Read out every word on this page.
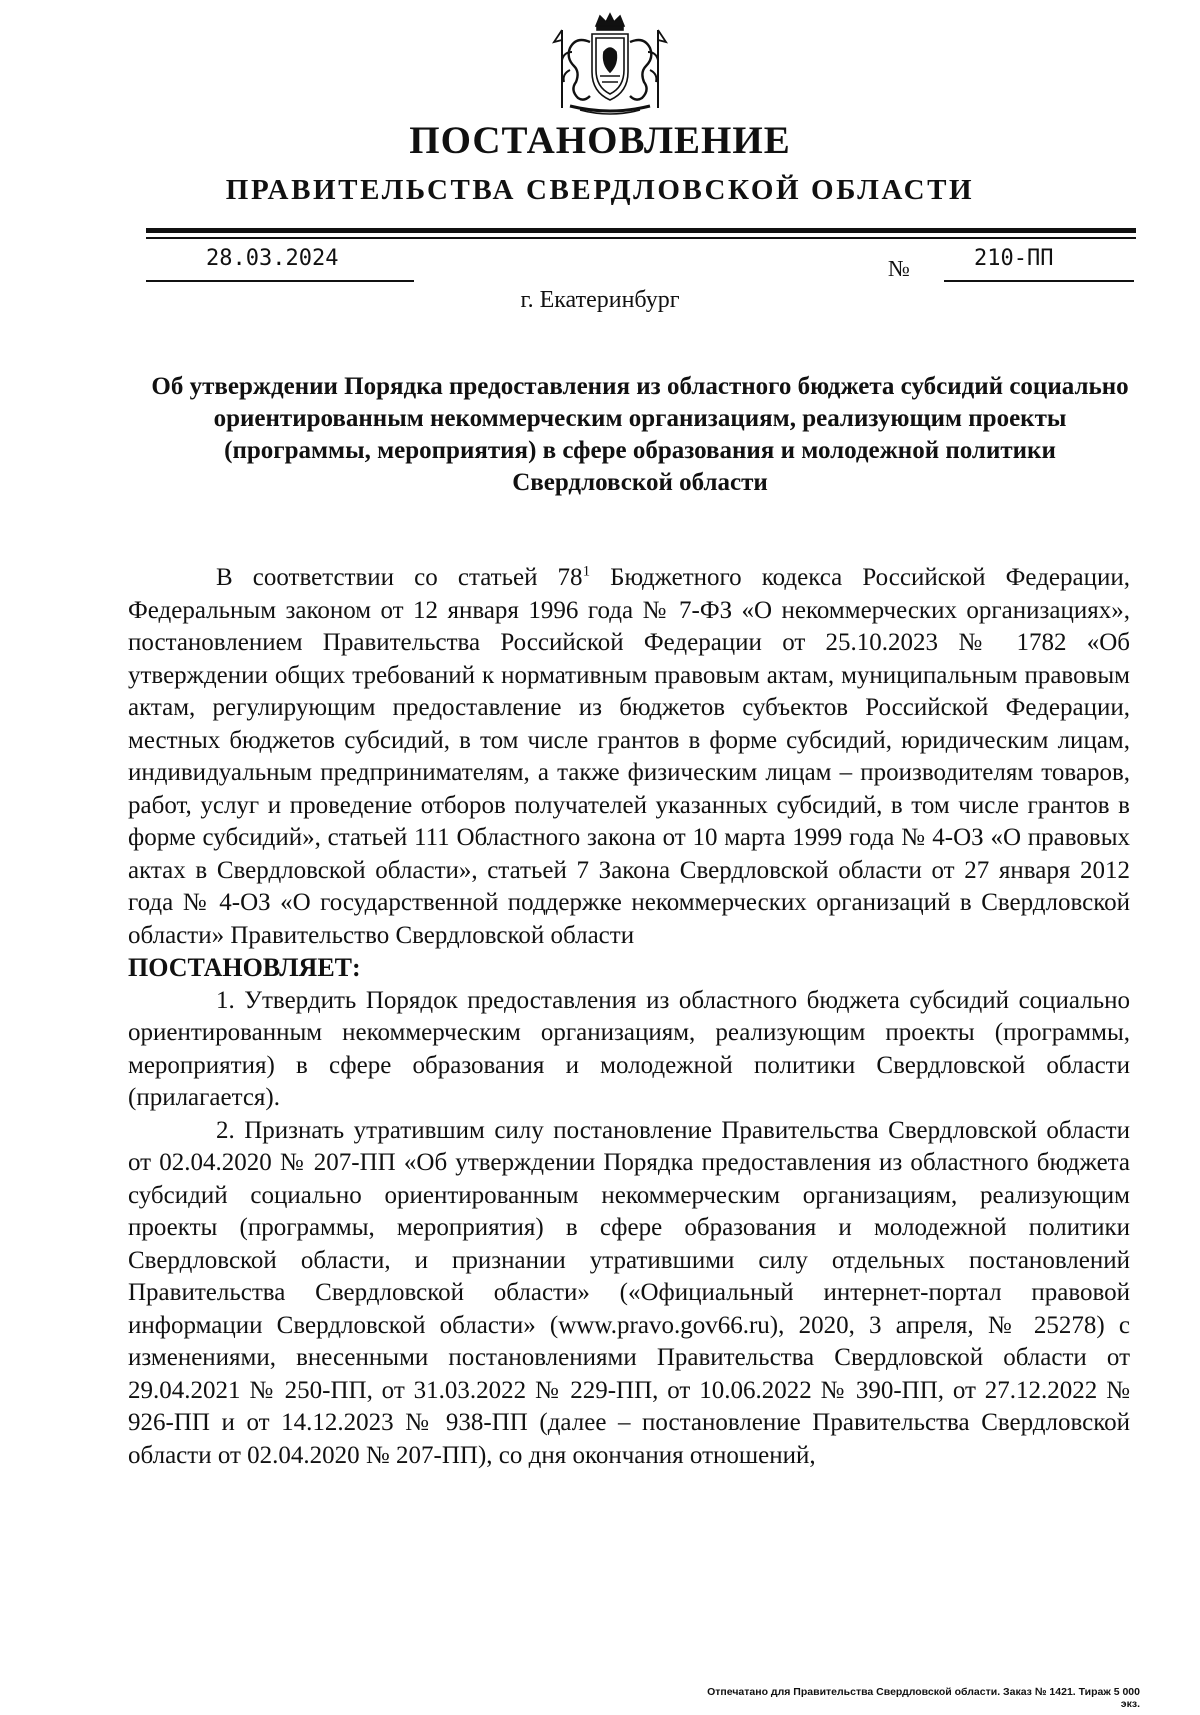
ПОСТАНОВЛЕНИЕ
ПРАВИТЕЛЬСТВА СВЕРДЛОВСКОЙ ОБЛАСТИ
28.03.2024	№	210-ПП
г. Екатеринбург
Об утверждении Порядка предоставления из областного бюджета субсидий социально ориентированным некоммерческим организациям, реализующим проекты (программы, мероприятия) в сфере образования и молодежной политики Свердловской области

В соответствии со статьей $78^1$ Бюджетного кодекса Российской Федерации, Федеральным законом от 12 января 1996 года № 7-ФЗ «О некоммерческих организациях», постановлением Правительства Российской Федерации от 25.10.2023 № 1782 «Об утверждении общих требований к нормативным правовым актам, муниципальным правовым актам, регулирующим предоставление из бюджетов субъектов Российской Федерации, местных бюджетов субсидий, в том числе грантов в форме субсидий, юридическим лицам, индивидуальным предпринимателям, а также физическим лицам – производителям товаров, работ, услуг и проведение отборов получателей указанных субсидий, в том числе грантов в форме субсидий», статьей 111 Областного закона от 10 марта 1999 года № 4-ОЗ «О правовых актах в Свердловской области», статьей 7 Закона Свердловской области от 27 января 2012 года № 4-ОЗ «О государственной поддержке некоммерческих организаций в Свердловской области» Правительство Свердловской области

ПОСТАНОВЛЯЕТ:

1. Утвердить Порядок предоставления из областного бюджета субсидий социально ориентированным некоммерческим организациям, реализующим проекты (программы, мероприятия) в сфере образования и молодежной политики Свердловской области (прилагается).

2. Признать утратившим силу постановление Правительства Свердловской области от 02.04.2020 № 207-ПП «Об утверждении Порядка предоставления из областного бюджета субсидий социально ориентированным некоммерческим организациям, реализующим проекты (программы, мероприятия) в сфере образования и молодежной политики Свердловской области, и признании утратившими силу отдельных постановлений Правительства Свердловской области» («Официальный интернет-портал правовой информации Свердловской области» (www.pravo.gov66.ru), 2020, 3 апреля, № 25278) с изменениями, внесенными постановлениями Правительства Свердловской области от 29.04.2021 № 250-ПП, от 31.03.2022 № 229-ПП, от 10.06.2022 № 390-ПП, от 27.12.2022 № 926-ПП и от 14.12.2023 № 938-ПП (далее – постановление Правительства Свердловской области от 02.04.2020 № 207-ПП), со дня окончания отношений,

Отпечатано для Правительства Свердловской области. Заказ № 1421. Тираж 5 000 экз.
